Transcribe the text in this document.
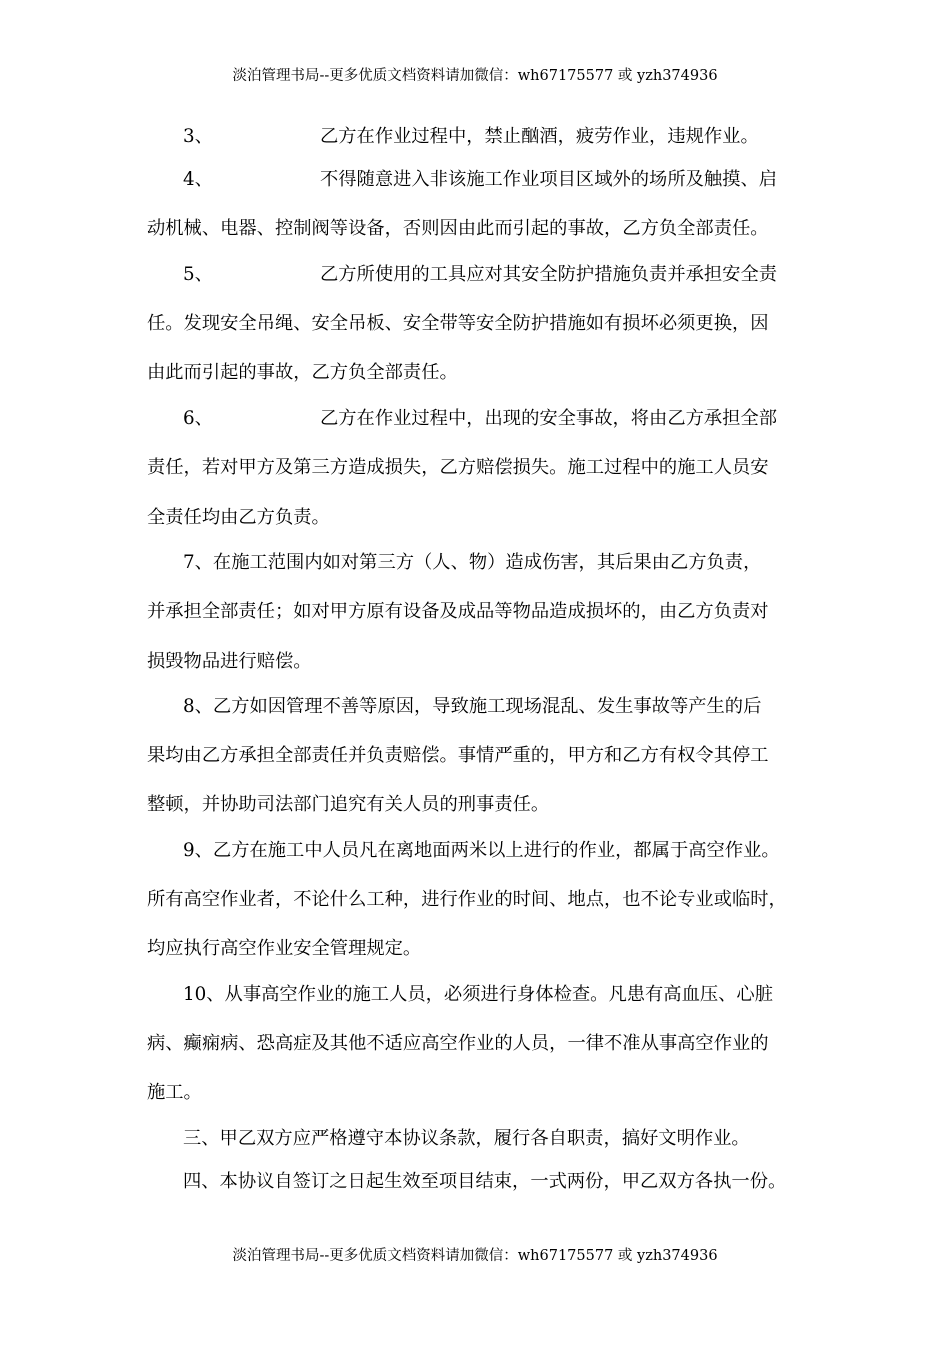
淡泊管理书局--更多优质文档资料请加微信：wh67175577 或 yzh374936
3、	乙方在作业过程中，禁止酗酒，疲劳作业，违规作业。
4、	不得随意进入非该施工作业项目区域外的场所及触摸、启
动机械、电器、控制阀等设备，否则因由此而引起的事故，乙方负全部责任。
5、	乙方所使用的工具应对其安全防护措施负责并承担安全责
任。发现安全吊绳、安全吊板、安全带等安全防护措施如有损坏必须更换，因
由此而引起的事故，乙方负全部责任。
6、	乙方在作业过程中，出现的安全事故，将由乙方承担全部
责任，若对甲方及第三方造成损失，乙方赔偿损失。施工过程中的施工人员安
全责任均由乙方负责。
7、在施工范围内如对第三方（人、物）造成伤害，其后果由乙方负责，
并承担全部责任；如对甲方原有设备及成品等物品造成损坏的，由乙方负责对
损毁物品进行赔偿。
8、乙方如因管理不善等原因，导致施工现场混乱、发生事故等产生的后
果均由乙方承担全部责任并负责赔偿。事情严重的，甲方和乙方有权令其停工
整顿，并协助司法部门追究有关人员的刑事责任。
9、乙方在施工中人员凡在离地面两米以上进行的作业，都属于高空作业。
所有高空作业者，不论什么工种，进行作业的时间、地点，也不论专业或临时，
均应执行高空作业安全管理规定。
10、从事高空作业的施工人员，必须进行身体检查。凡患有高血压、心脏
病、癫痫病、恐高症及其他不适应高空作业的人员，一律不准从事高空作业的
施工。
三、甲乙双方应严格遵守本协议条款，履行各自职责，搞好文明作业。
四、本协议自签订之日起生效至项目结束，一式两份，甲乙双方各执一份。
淡泊管理书局--更多优质文档资料请加微信：wh67175577 或 yzh374936
